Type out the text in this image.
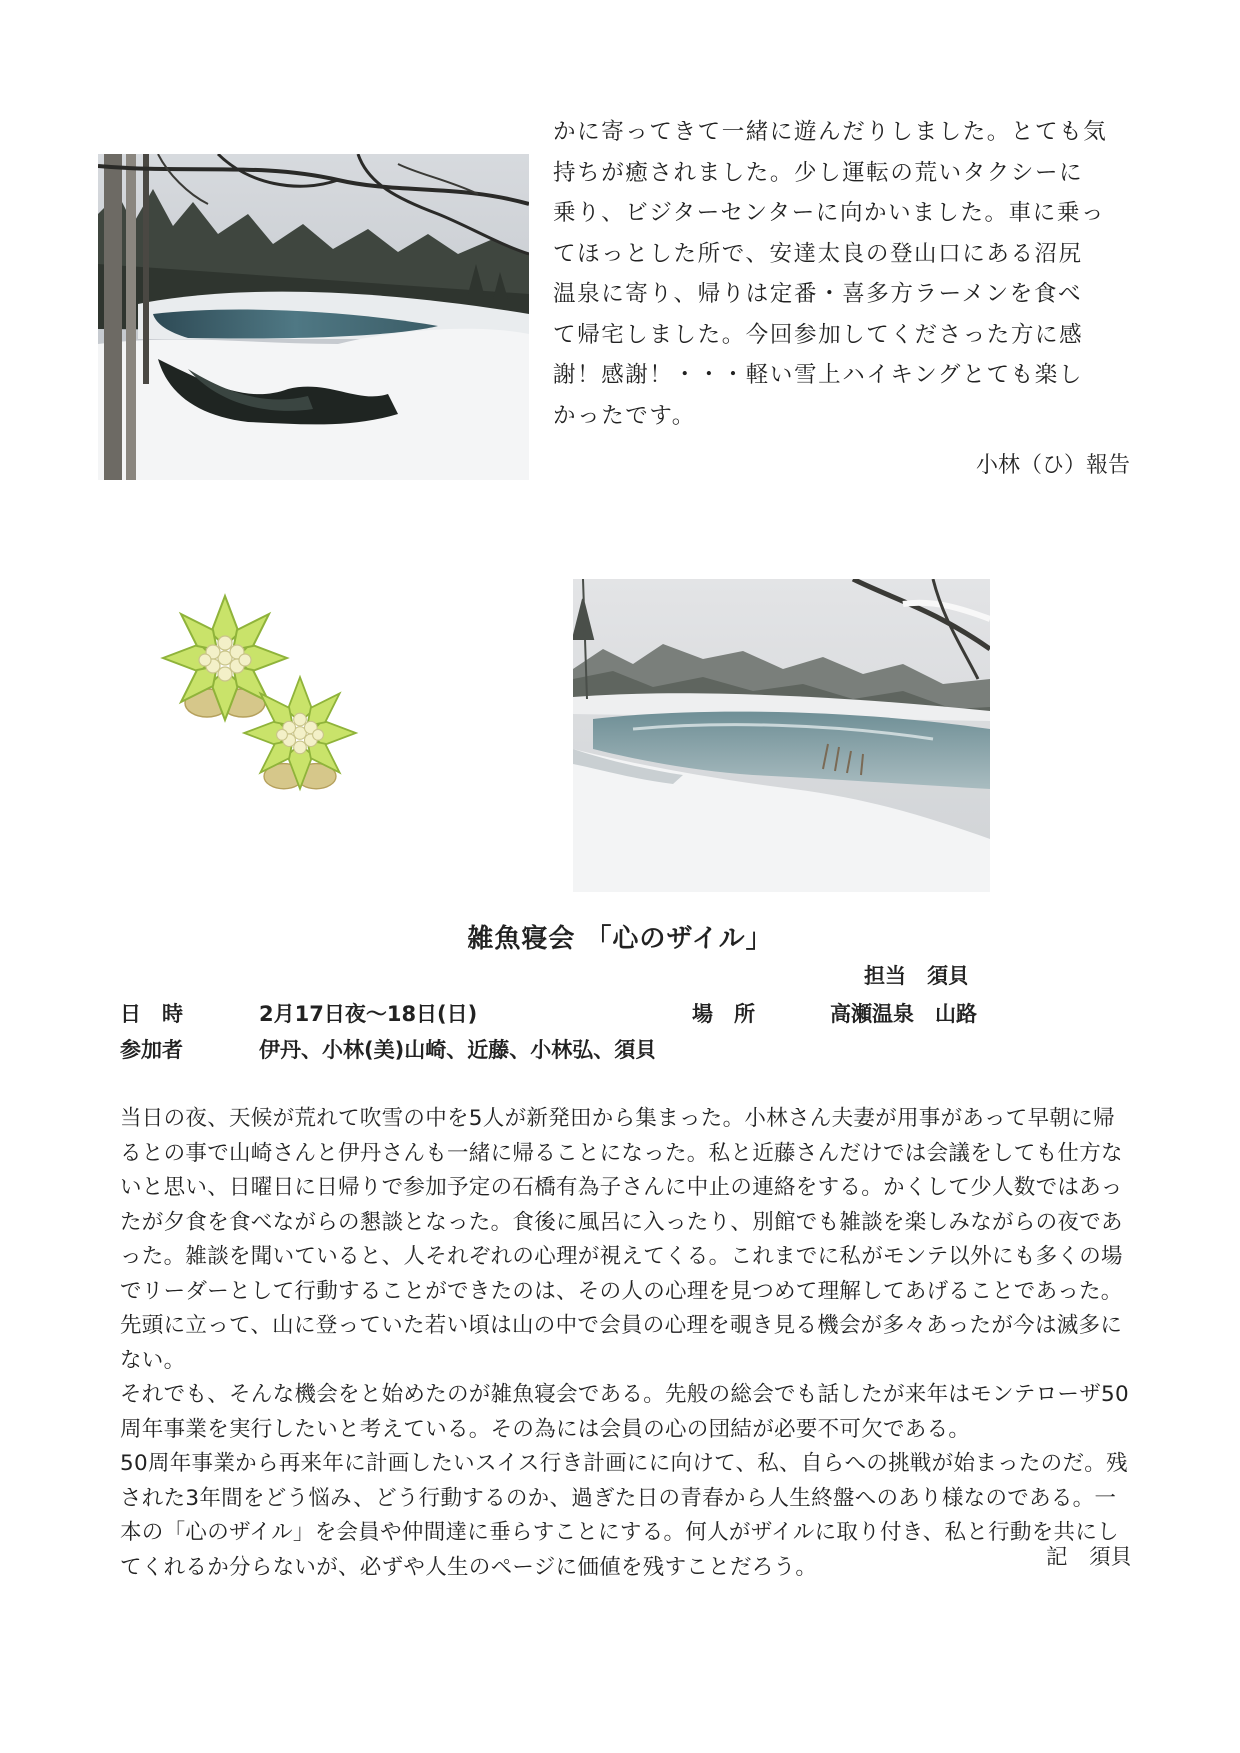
かに寄ってきて一緒に遊んだりしました。とても気

持ちが癒されました。少し運転の荒いタクシーに

乗り、ビジターセンターに向かいました。車に乗っ

てほっとした所で、安達太良の登山口にある沼尻

温泉に寄り、帰りは定番・喜多方ラーメンを食べ

て帰宅しました。今回参加してくださった方に感

謝！感謝！・・・軽い雪上ハイキングとても楽し

かったです。

小林（ひ）報告
雑魚寝会 「心のザイル」
担当　須貝
日　時	2月17日夜〜18日(日)	場　所	高瀬温泉　山路
参加者	伊丹、小林(美)山崎、近藤、小林弘、須貝

当日の夜、天候が荒れて吹雪の中を5人が新発田から集まった。小林さん夫妻が用事があって早朝に帰るとの事で山崎さんと伊丹さんも一緒に帰ることになった。私と近藤さんだけでは会議をしても仕方ないと思い、日曜日に日帰りで参加予定の石橋有為子さんに中止の連絡をする。かくして少人数ではあったが夕食を食べながらの懇談となった。食後に風呂に入ったり、別館でも雑談を楽しみながらの夜であった。雑談を聞いていると、人それぞれの心理が視えてくる。これまでに私がモンテ以外にも多くの場でリーダーとして行動することができたのは、その人の心理を見つめて理解してあげることであった。先頭に立って、山に登っていた若い頃は山の中で会員の心理を覗き見る機会が多々あったが今は滅多にない。

それでも、そんな機会をと始めたのが雑魚寝会である。先般の総会でも話したが来年はモンテローザ50周年事業を実行したいと考えている。その為には会員の心の団結が必要不可欠である。

50周年事業から再来年に計画したいスイス行き計画にに向けて、私、自らへの挑戦が始まったのだ。残された3年間をどう悩み、どう行動するのか、過ぎた日の青春から人生終盤へのあり様なのである。一本の「心のザイル」を会員や仲間達に垂らすことにする。何人がザイルに取り付き、私と行動を共にしてくれるか分らないが、必ずや人生のページに価値を残すことだろう。	記　須貝
